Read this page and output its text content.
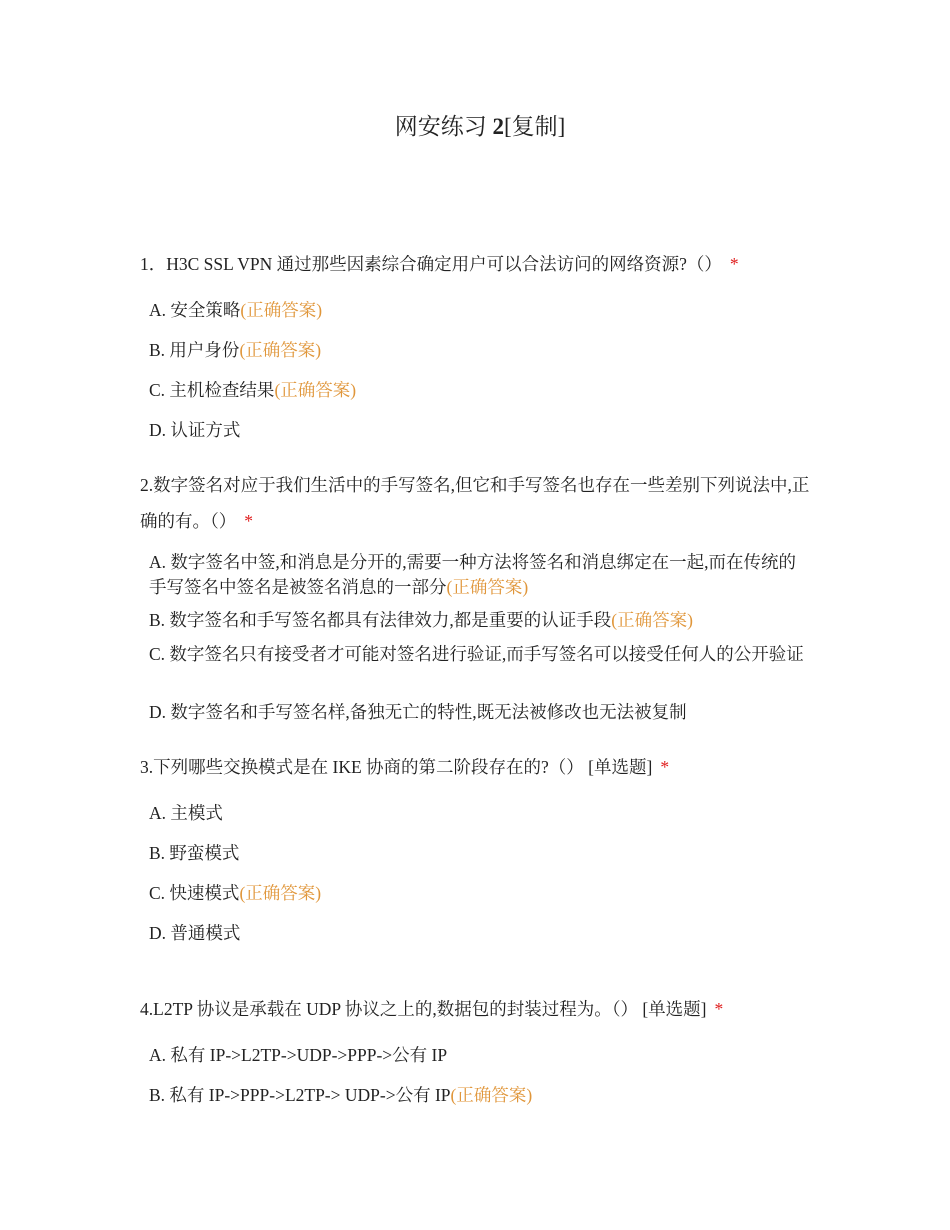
网安练习 2[复制]
1．H3C SSL VPN 通过那些因素综合确定用户可以合法访问的网络资源?（） *
A. 安全策略(正确答案)
B. 用户身份(正确答案)
C. 主机检查结果(正确答案)
D. 认证方式
2.数字签名对应于我们生活中的手写签名,但它和手写签名也存在一些差别下列说法中,正确的有。（） *
A. 数字签名中签,和消息是分开的,需要一种方法将签名和消息绑定在一起,而在传统的手写签名中签名是被签名消息的一部分(正确答案)
B. 数字签名和手写签名都具有法律效力,都是重要的认证手段(正确答案)
C. 数字签名只有接受者才可能对签名进行验证,而手写签名可以接受任何人的公开验证
D. 数字签名和手写签名样,备独无亡的特性,既无法被修改也无法被复制
3.下列哪些交换模式是在 IKE 协商的第二阶段存在的?（） [单选题] *
A. 主模式
B. 野蛮模式
C. 快速模式(正确答案)
D. 普通模式
4.L2TP 协议是承载在 UDP 协议之上的,数据包的封装过程为。（） [单选题] *
A. 私有 IP->L2TP->UDP->PPP->公有 IP
B. 私有 IP->PPP->L2TP-> UDP->公有 IP(正确答案)
